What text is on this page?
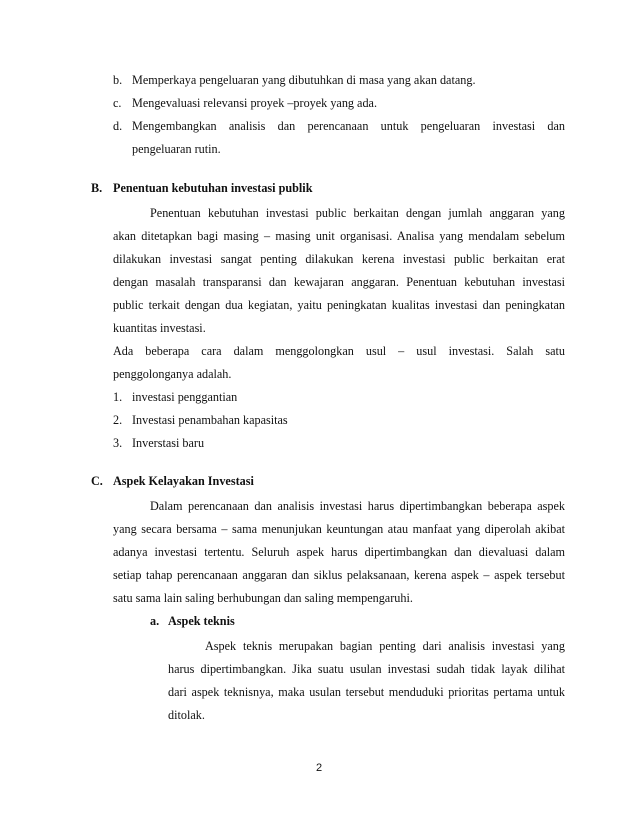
b. Memperkaya pengeluaran yang dibutuhkan di masa yang akan datang.
c. Mengevaluasi relevansi proyek –proyek yang ada.
d. Mengembangkan analisis dan perencanaan untuk pengeluaran investasi dan
pengeluaran rutin.
B. Penentuan kebutuhan investasi publik
Penentuan kebutuhan investasi public berkaitan dengan jumlah anggaran yang
akan ditetapkan bagi masing – masing unit organisasi. Analisa yang mendalam sebelum
dilakukan investasi sangat penting dilakukan kerena investasi public berkaitan erat
dengan masalah transparansi dan kewajaran anggaran. Penentuan kebutuhan investasi
public terkait dengan dua kegiatan, yaitu peningkatan kualitas investasi dan peningkatan
kuantitas investasi.
Ada beberapa cara dalam menggolongkan usul – usul investasi. Salah satu
penggolonganya adalah.
1. investasi penggantian
2. Investasi penambahan kapasitas
3. Inverstasi baru
C. Aspek Kelayakan Investasi
Dalam perencanaan dan analisis investasi harus dipertimbangkan beberapa aspek
yang secara bersama – sama menunjukan keuntungan atau manfaat yang diperolah akibat
adanya investasi tertentu. Seluruh aspek harus dipertimbangkan dan dievaluasi dalam
setiap tahap perencanaan anggaran dan siklus pelaksanaan, kerena aspek – aspek tersebut
satu sama lain saling berhubungan dan saling mempengaruhi.
a. Aspek teknis
Aspek teknis merupakan bagian penting dari analisis investasi yang
harus dipertimbangkan. Jika suatu usulan investasi sudah tidak layak dilihat
dari aspek teknisnya, maka usulan tersebut menduduki prioritas pertama untuk
ditolak.
2
